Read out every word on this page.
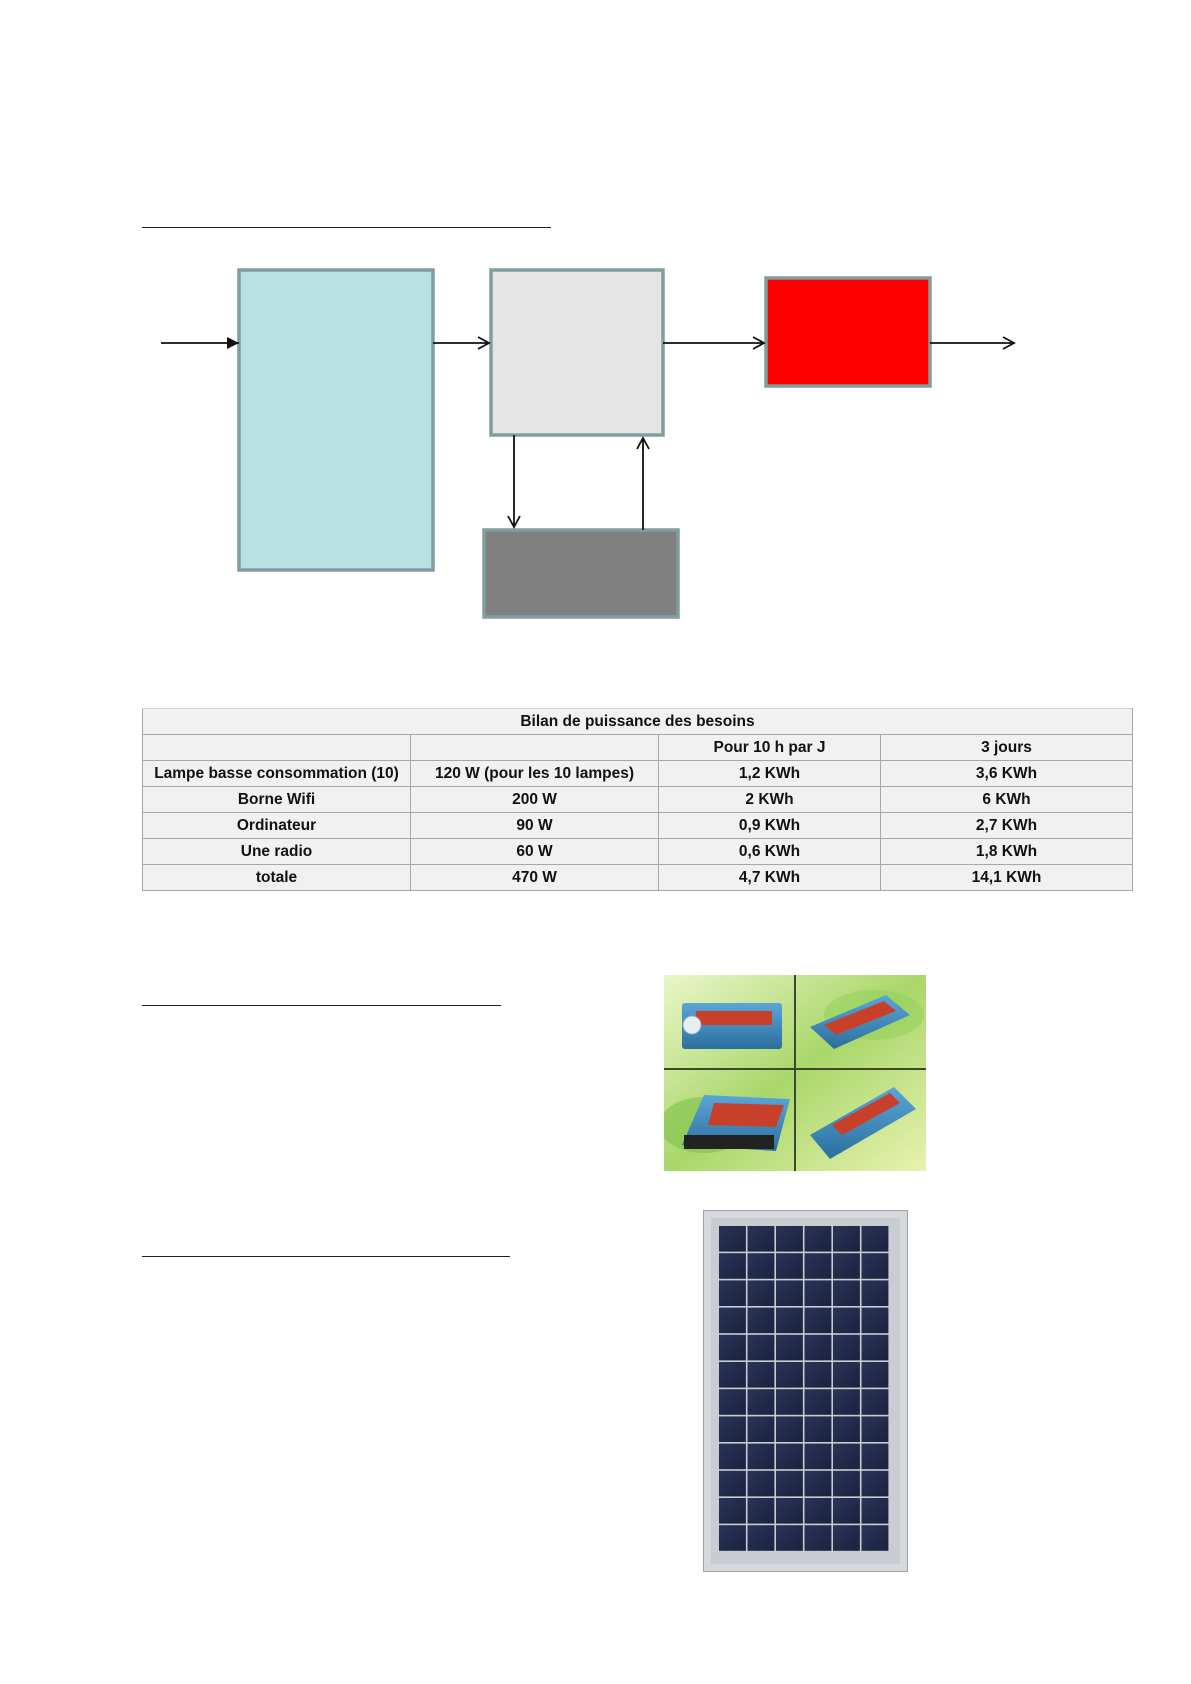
Bilan de puissance des besoins			
		Pour 10 h par J	3 jours
Lampe basse consommation (10)	120 W (pour les 10 lampes)	1,2 KWh	3,6 KWh
Borne Wifi	200 W	2 KWh	6 KWh
Ordinateur	90 W	0,9 KWh	2,7 KWh
Une radio	60 W	0,6 KWh	1,8 KWh
totale	470 W	4,7 KWh	14,1 KWh
